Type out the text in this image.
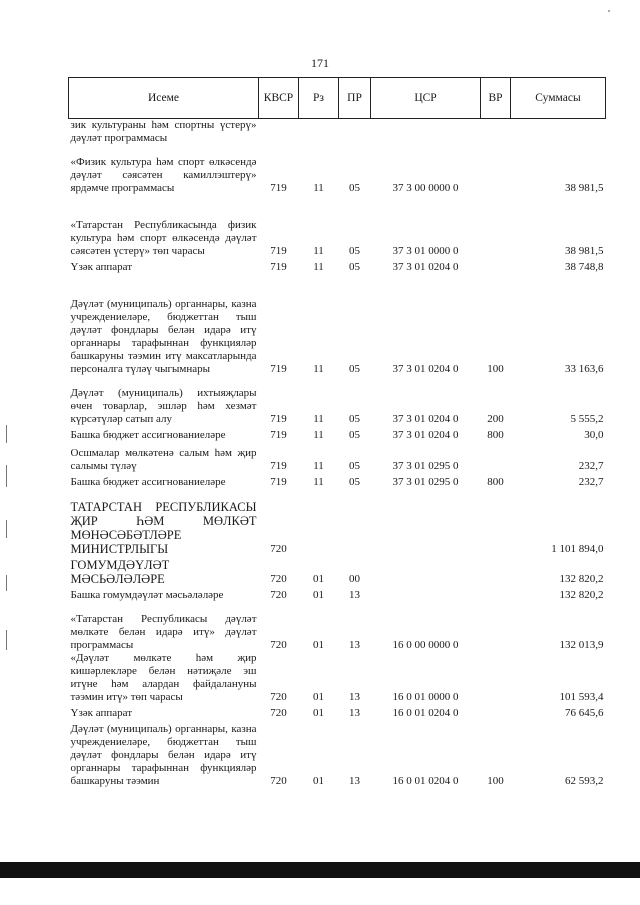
171
Исеме	КВСР	Рз	ПР	ЦСР	ВР	Суммасы
зик культураны һәм спортны үстерү» дәүләт программасы						
«Физик культура һәм спорт өлкәсендә дәүләт сәясәтен камиллэштерү» ярдәмче программасы	719	11	05	37 3 00 0000 0		38 981,5
«Татарстан Республикасында физик культура һәм спорт өлкәсендә дәүләт сәясәтен үстерү» төп чарасы	719	11	05	37 3 01 0000 0		38 981,5
Үзәк аппарат	719	11	05	37 3 01 0204 0		38 748,8
Дәүләт (муниципаль) органнары, казна учреждениеләре, бюджеттан тыш дәүләт фондлары белән идарә итү органнары тарафыннан функцияләр башкаруны тәэмин итү максатларында персоналга түләү чыгымнары	719	11	05	37 3 01 0204 0	100	33 163,6
Дәүләт (муниципаль) ихтыяҗлары өчен товарлар, эшләр һәм хезмәт күрсәтүләр сатып алу	719	11	05	37 3 01 0204 0	200	5 555,2
Башка бюджет ассигнованиеләре	719	11	05	37 3 01 0204 0	800	30,0
Осшмалар мөлкәтенә салым һәм җир салымы түләү	719	11	05	37 3 01 0295 0		232,7
Башка бюджет ассигнованиеләре	719	11	05	37 3 01 0295 0	800	232,7
ТАТАРСТАН РЕСПУБЛИКАСЫ ҖИР ҺӘМ МӨЛКӘТ МӨНӘСӘБӘТЛӘРЕ МИНИСТРЛЫГЫ	720					1 101 894,0
ГОМУМДӘҮЛӘТ МӘСЬӘЛӘЛӘРЕ	720	01	00			132 820,2
Башка гомумдәүләт мәсьәләләре	720	01	13			132 820,2
«Татарстан Республикасы дәүләт мөлкәте белән идарә итү» дәүләт программасы	720	01	13	16 0 00 0000 0		132 013,9
«Дәүләт мөлкәте һәм җир кишәрлекләре белән нәтиҗәле эш итүне һәм алардан файдалануны тәэмин итү» төп чарасы	720	01	13	16 0 01 0000 0		101 593,4
Үзәк аппарат	720	01	13	16 0 01 0204 0		76 645,6
Дәүләт (муниципаль) органнары, казна учреждениеләре, бюджеттан тыш дәүләт фондлары белән идарә итү органнары тарафыннан функцияләр башкаруны тәэмин	720	01	13	16 0 01 0204 0	100	62 593,2
